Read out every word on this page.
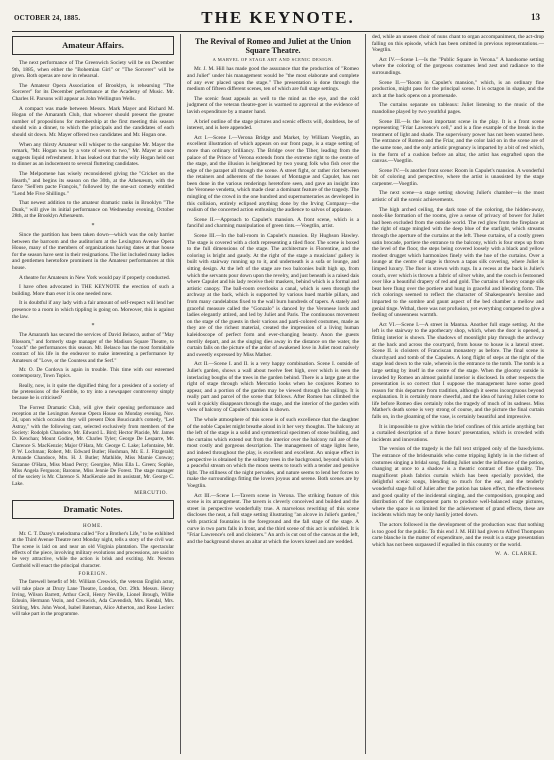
OCTOBER 24, 1885.	THE KEYNOTE.	13
Amateur Affairs.

The next performance of The Greenwich Society will be on December 9th, 1885, when either the "Bohemian Girl" or "The Sorcerer" will be given. Both operas are now in rehearsal.

The Amateur Opera Association of Brooklyn, is rehearsing "The Sorcerer" for its December performance at the Academy of Music. Mr. Charles H. Parsons will appear as John Wellington Wells.

A compact was made between Messrs. Mark Mayer and Richard M. Hogan of the Amaranth Club, that whoever should present the greater number of propositions for membership at the first meeting this season should win a dinner, to which the principals and the candidates of each should sit down. Mr. Mayer offered two candidates and Mr. Hogan one.

When any thirsty Amateur will whisper to the sanguine Mr. Mayer the remark, "Mr. Hogan was by a vote of seven to two," Mr. Mayer at once suggests liquid refreshment. It has leaked out that the wily Hogan held out to dinner as an inducement to several fluttering candidates.

The Melpomene has wisely reconsidered giving the "Cricket on the Hearth," and begins its season on the 30th, at the Athenæum, with the farce "Sell'em pacte François," followed by the one-act comedy entitled "Lend Me Five Shillings."

That newest addition to the amateur dramatic ranks in Brooklyn "The Dunk," will give its initial performance on Wednesday evening, October 28th, at the Brooklyn Athenæum.

*

Since the partition has been taken down—which was the only barrier between the barroom and the auditorium at the Lexington Avenue Opera House, many of the members of organizations having dates at that house for the season have sent in their resignations. The list included many ladies and gentlemen heretofore prominent in the Amateur performances at this house.

A theatre for Amateurs in New York would pay if properly conducted.

I have often advocated in THE KEYNOTE the erection of such a building. More than ever it is one needed now.

It is doubtful if any lady with a fair amount of self-respect will lend her presence to a room in which tippling is going on. Moreover, this is against the law.

*

The Amaranth has secured the services of David Belasco, author of "May Blossom," and formerly stage manager of the Madison Square Theatre, to "coach" the performances this season. Mr. Belasco has the most formidable contract of his life in the endeavor to make interesting a performance by Amateurs of "Love, or the Countess and the Serf."

Mr. O. De Cordova is again in trouble. This time with our esteemed contemporary, Town Topics.

Really, now, is it quite the dignified thing for a president of a society of the pretensions of the Kemble, to try into a newspaper controversy simply because he is criticised?

The Forrest Dramatic Club, will give their opening performance and reception at the Lexington Avenue Opera House on Monday evening, Nov. 2d, upon which occasion they will present Dion Boucicault's comedy, "Led Astray," with the following cast, selected exclusively from members of the Society: Rodolph Chandoce, Mr. Edward L. Bird; Hector Placide, Mr. James D. Kenchan; Mount Godine, Mr. Charles Tyler; George De Lesparre, Mr. Clarence S. MacKenzie; Major O'Hara, Mr. George C. Lake; Lefontaine, Mr. P. W. Lochman; Robert, Mr. Edward Butler; Hushman, Mr. E. J. Fitzgerald; Armande Chandoce, Mrs. H. J. Butler; Mathilde, Miss Mamie Conway; Suzanne O'Hara, Miss Maud Perry; Georgine, Miss Ella L. Green; Sophie, Miss Angela Ferguson; Baronne, Miss Jennie De Forest. The stage manager of the society is Mr. Clarence S. MacKenzie and its assistant, Mr. George C. Lake.

MERCUTIO.
Dramatic Notes.
HOME.

Mr. C. T. Dazey's melodrama called "For a Brother's Life," to be exhibited at the Third Avenue Theatre next Monday night, tells a story of the civil war. The scene is laid on and near an old Virginia plantation. The spectacular effects of the piece, involving military evolutions and processions, are said to be very attractive, while the action is brisk and exciting. Mr. Newton Gotthold will enact the principal character.

FOREIGN.

The farewell benefit of Mr. William Creswick, the veteran English actor, will take place at Drury Lane Theatre, London, Oct. 29th. Messrs. Henry Irving, Wilson Barrett, Arthur Cecil, Henry Neville, Lionel Brough, Willie Edouin, Hermann Vezin, and Creswick, Ada Cavendish, Mrs. Kendal, Mrs. Stirling, Mrs. John Wood, Isabel Bateman, Alice Atherton, and Rose Leclerc will take part in the programme.

The Revival of Romeo and Juliet at the Union Square Theatre.
A MARVEL OF STAGE ART AND SCENIC DESIGN.

Mr. J. M. Hill has made good the assurance that the production of "Romeo and Juliet" under his management would be "the most elaborate and complete of any ever placed upon the stage." The presentation is done through the medium of fifteen different scenes, ten of which are full stage settings.

The scenic feast appeals as well to the mind as the eye, and the cold judgment of the veteran theatre-goer is warmed to approval at the evidence of lavish expenditure by a master hand.

A brief outline of the stage pictures and scenic effects will, doubtless, be of interest, and is here appended.

Act I.—Scene I.—Verona Bridge and Market, by William Voegtlin, an excellent illustration of which appears on our front page, is a stage setting of more than ordinary brilliancy. The Bridge over the Tiber, leading from the palace of the Prince of Verona extends from the extreme right to the centre of the stage, and the illusion is heightened by two young folk who fish over the edge of the parapet all through the scene. A street fight, or rather riot between the retainers and adherents of the houses of Montague and Capulet, has not been done in the various renderings heretofore seen, and gave an insight into the Veronese vendetta, which made clear a dominant feature of the tragedy. The mingling of the crowd in the one hundred and supernumeraries as developed in this collision, entirely eclipsed anything done by the Irving Company—the realism of the concerted action enthusing the audience to salvos of applause.

Scene II.—Approach to Capulet's mansion. A front scene, which is a fanciful and charming manipulation of green tints.—Voegtlin, artist.

Scene III.—In the ball-room in Capulet's mansion. By Hughson Hawley. The stage is covered with a cloth representing a tiled floor. The scene is boxed to the full dimensions of the stage. The architecture is Florentine, and the coloring is bright and gaudy. At the right of the stage a musicians' gallery is built with stairway running up to it, and underneath is a sofa or lounge, and sitting design. At the left of the stage are two balconies built high up, from which the servants pour down upon the revelry, and just beneath is a raised dais where Capulet and his lady receive their maskers, behind which is a formal and artistic canopy. The ball-room overlooks a canal, which is seen through the archway at the back, which is supported by various hued marble pillars, and from many candelabras fixed to the wall burn hundreds of tapers. A stately and graceful measure called the "Gonzalo" is danced by the Veronese lords and ladies elegantly attired, and led by Juliet and Paris. The continuous movement on the stage of the guests in their various and parti-colored costumes, made as they are of the richest material, created the impression of a living human kaleidoscope of perfect form and ever-changing beauty. Anon the guests merrily depart, and as the singing dies away in the distance on the water, the curtain falls on the picture of the ardor of awakened love in Juliet most naively and sweetly expressed by Miss Mather.

Act II.—Scene I. and II. is a very happy combination. Scene I. outside of Juliet's garden, shows a wall about twelve feet high, over which is seen the interlacing boughs of the trees in the garden behind. There is a large gate at the right of stage through which Mercutio looks when he conjures Romeo to appear, and a portion of the garden may be viewed through the railings. It is really part and parcel of the scene that follows. After Romeo has climbed the wall it quickly disappears through the stage, and the interior of the garden with view of balcony of Capulet's mansion is shown.

The whole atmosphere of this scene is of such excellence that the daughter of the noble Capulet might breathe aloud in it her very thoughts. The balcony at the left of the stage is a solid and symmetrical specimen of stone building, and the curtains which extend out from the interior over the balcony rail are of the most costly and gorgeous description. The management of stage lights here, and indeed throughout the play, is excellent and excellent. An unique effect in perspective is obtained by the solitary trees in the background, beyond which is a peaceful stream on which the moon seems to touch with a tender and pensive light. The stillness of the night pervades, and nature seems to lend her forces to make the surroundings fitting the lovers joyous and serene. Both scenes are by Voegtlin.

Act III.—Scene I.—Tavern scene in Verona. The striking feature of this scene is its arrangement. The tavern is cleverly conceived and builded and the street in perspective wonderfully true. A marvelous rewriting of this scene discloses the neat, a full stage setting illustrating "an alcove in Juliet's garden," with practical fountains in the foreground and the fall stage of the stage. A curve in two parts falls in front, and the third scene of this act is unfolded. It is "Friar Lawrence's cell and cloisters." An arch is cut out of the canvas at the left, and the background shows an altar at which the lovers kneel and are wedded.

ded, while an unseen choir of nuns chant to organ accompaniment, the act-drop falling on this episode, which has been omitted in previous representations.—Voegtlin.

Act IV.—Scene I.—Is the "Public Square in Verona." A handsome setting where the coloring of the gorgeous costumes lend zest and radiance to the surroundings.

Scene II.—"Room in Capulet's mansion," which, is an ordinary fine production, might pass for the principal scene. It is octagon in shape, and the arch at the back opens on a promenade.

The curtains separate on tableaux: Juliet listening to the music of the mandoline played by two youthful pages.

Scene III.—Is the least important scene in the play. It is a front scene representing "Friar Lawrence's cell," and is a fine example of the break in the treatment of light and shade. The supervisory power has not been wanted here. The entrance of Romeo and the Friar, and the color laid on in the scene are of the same tone, and the only artistic pregnancy is imparted by a bit of red which, in the form of a cushion before an altar, the artist has engrafted upon the canvas.—Voegtlin.

Scene IV.—Is another front scene: Room in Capulet's mansion. A wonderful bit of coloring and perspective, where the artist is unassisted by the stage carpenter.—Voegtlin.

The next scene—a stage setting showing Juliet's chamber—is the most artistic of all the scenic achievements.

The high arched ceiling, the dark tone of the coloring, the hidden-away, nook-like formation of the rooms, give a sense of privacy of bower for Juliet had been excluded from the outside world. The red glow from the fireplace at the right of stage mingled with the deep blue of the starlight, which streams through the aperture of the curtains at the left. These curtains, of a costly green satin brocade, portiere the entrance to the balcony, which is four steps up from the level of the floor, the steps being covered loosely with a black and yellow modest drugget which harmonizes finely with the hue of the curtains. Over a lounge at the centre of stage is thrown a tapas silk covering, where Juliet is limped luxury. The floor is strewn with rugs. In a recess at the back is Juliet's couch, over which is thrown a fabric of silver white, and the couch is festooned over like a beautiful drapery of red and gold. The curtains of heavy orange silk beat here flung over the portiere and hung in graceful and blending form. The rich colorings seemed to reflect the character of Shakespeare's heroine and imparted to the sombre and gaunt aspect of the bed chamber a mellow and genial tinge. Withal, there was not profusion, yet everything competed to give a feeling of unseenness warmth.

Act VI.—Scene I.—A street in Mantua. Another full stage setting. At the left is the stairway to the apothecary shop, which, when the door is opened, a fitting interior is shown. The shadows of moonlight play through the archway at the back and across the courtyard, from house to house is a lateral street. Scene II. is cloisters of Franciscan monastery as before. The final scene is churchyard and tomb of the Capulets. A long flight of steps at the right of the stage lead down to the vale, wherein is the entrance to the tomb. The tomb is a large setting by itself in the centre of the stage. When the gloomy outside is invaded by Romeo an almost painful interior is disclosed. In other respects the presentation is so correct that I suppose the management have some good reason for this departure from tradition, although it seems incongruous beyond explanation. It is certainly more cheerful, and the idea of having Juliet come to life before Romeo dies certainly robs the tragedy of much of its sadness. Miss Mather's death scene is very strong of course, and the picture the final curtain falls on, in the gloaming of the vase, is certainly beautiful and impressive.

It is impossible to give within the brief confines of this article anything but a curtailed description of a three hours' presentation, which is crowded with incidents and innovations.

The version of the tragedy is the full text stripped only of the bawdyisms. The entrance of the bridesmaids who come tripping lightly in in the richest of costumes singing a bridal song, finding Juliet under the influence of the potion, changing at once to a shadow is a theatric contrast of fine quality. The magnificent plush fabrics curtain which has been specially provided, the delightful scenic songs, blending so much for the ear, and the tenderly wonderful stage full of Juliet after the potion has taken effect, the effectiveness and good quality of the incidental singing, and the composition, grouping and distribution of the component parts to produce well-balanced stage pictures, where the space is so limited for the achievement of grand effects, these are incidents which may be only hastily jotted down.

The actors followed in the development of the production was: that nothing is too good for the public. To this end J. M. Hill had given to Alfred Thompson carte blanche in the matter of expenditure, and the result is a stage presentation which has not been surpassed if equalled in this country or the world.

W. A. CLARKE.
